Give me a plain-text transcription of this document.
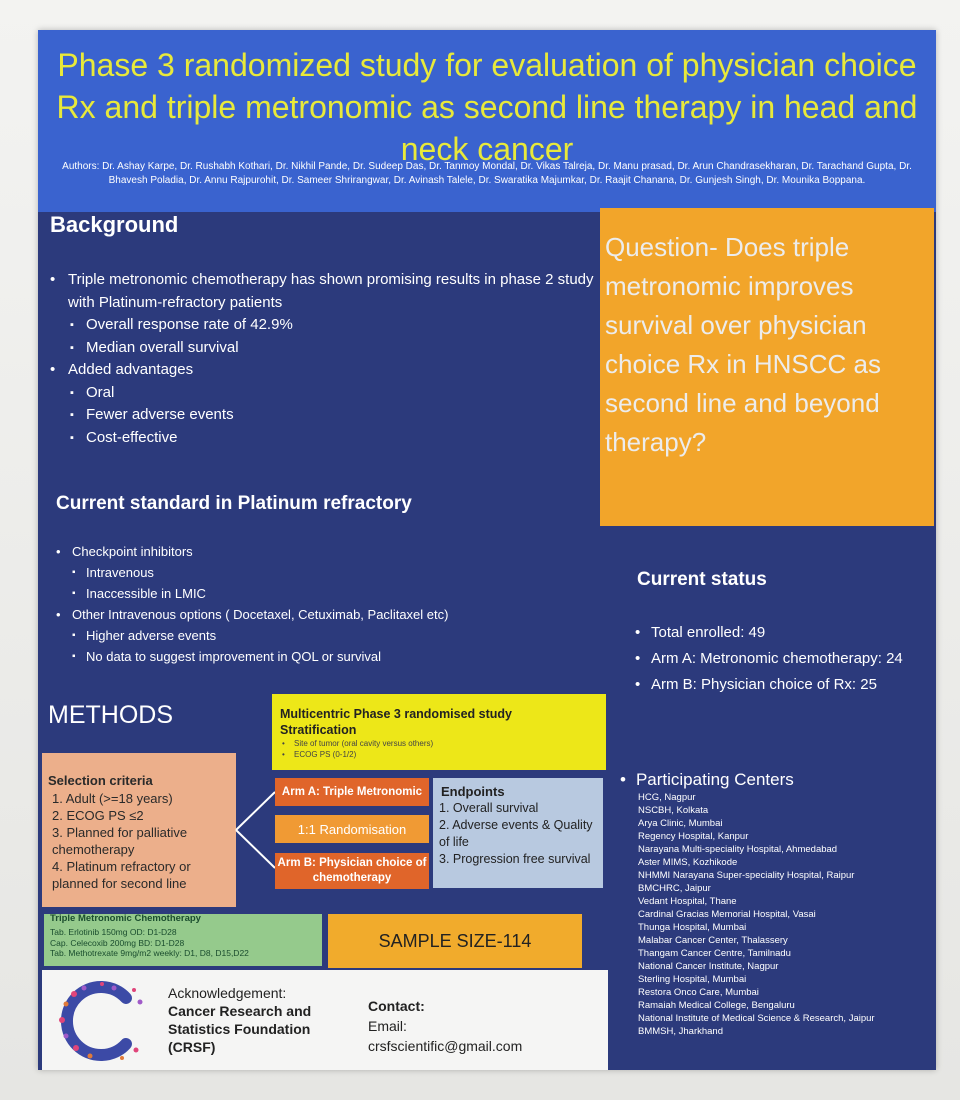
Phase 3 randomized study for evaluation of physician choice Rx and triple metronomic as second line therapy in head and neck cancer
Authors: Dr. Ashay Karpe, Dr. Rushabh Kothari, Dr. Nikhil Pande, Dr. Sudeep Das, Dr. Tanmoy Mondal, Dr. Vikas Talreja, Dr. Manu prasad, Dr. Arun Chandrasekharan, Dr. Tarachand Gupta, Dr. Bhavesh Poladia, Dr. Annu Rajpurohit, Dr. Sameer Shrirangwar, Dr. Avinash Talele, Dr. Swaratika Majumkar, Dr. Raajit Chanana, Dr. Gunjesh Singh, Dr. Mounika Boppana.
Background
• Triple metronomic chemotherapy has shown promising results in phase 2 study with Platinum-refractory patients
▪ Overall response rate of 42.9%
▪ Median overall survival
• Added advantages
▪ Oral
▪ Fewer adverse events
▪ Cost-effective

Question- Does triple metronomic improves survival over physician choice Rx in HNSCC as second line and beyond therapy?

Current standard in Platinum refractory
• Checkpoint inhibitors
▪ Intravenous
▪ Inaccessible in LMIC
• Other Intravenous options ( Docetaxel, Cetuximab, Paclitaxel etc)
▪ Higher adverse events
▪ No data to suggest improvement in QOL or survival
Current status
• Total enrolled: 49
• Arm A: Metronomic chemotherapy: 24
• Arm B: Physician choice of Rx: 25
METHODS	Multicentric Phase 3 randomised study
Stratification
• Site of tumor (oral cavity versus others)
• ECOG PS (0-1/2)
Selection criteria
1. Adult (>=18 years)
2. ECOG PS ≤2
3. Planned for palliative chemotherapy
4. Platinum refractory or planned for second line
Arm A: Triple Metronomic
1:1 Randomisation
Arm B: Physician choice of chemotherapy
Endpoints
1. Overall survival
2. Adverse events & Quality of life
3. Progression free survival
Triple Metronomic Chemotherapy
Tab. Erlotinib 150mg OD: D1-D28
Cap. Celecoxib 200mg BD: D1-D28
Tab. Methotrexate 9mg/m2 weekly: D1, D8, D15,D22
SAMPLE SIZE-114
Acknowledgement:
Cancer Research and Statistics Foundation (CRSF)
Contact:
Email:
crsfscientific@gmail.com
• Participating Centers
HCG, Nagpur
NSCBH, Kolkata
Arya Clinic, Mumbai
Regency Hospital, Kanpur
Narayana Multi-speciality Hospital, Ahmedabad
Aster MIMS, Kozhikode
NHMMI Narayana Super-speciality Hospital, Raipur
BMCHRC, Jaipur
Vedant Hospital, Thane
Cardinal Gracias Memorial Hospital, Vasai
Thunga Hospital, Mumbai
Malabar Cancer Center, Thalassery
Thangam Cancer Centre, Tamilnadu
National Cancer Institute, Nagpur
Sterling Hospital, Mumbai
Restora Onco Care, Mumbai
Ramaiah Medical College, Bengaluru
National Institute of Medical Science & Research, Jaipur
BMMSH, Jharkhand
